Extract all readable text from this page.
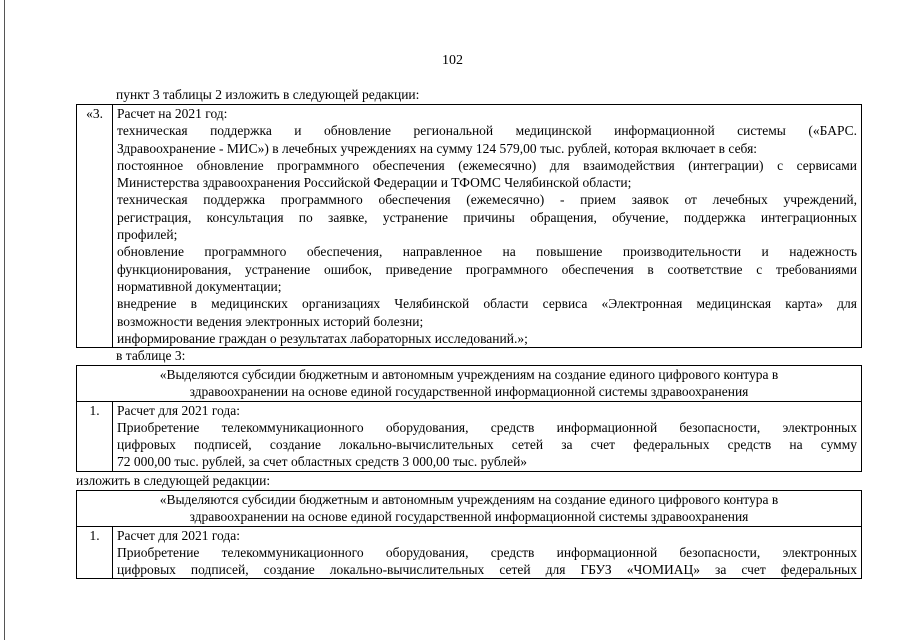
102
пункт 3 таблицы 2 изложить в следующей редакции:
«3.	Расчет на 2021 год:
техническая поддержка и обновление региональной медицинской информационной системы («БАРС.
Здравоохранение - МИС») в лечебных учреждениях на сумму 124 579,00 тыс. рублей, которая включает в себя:
постоянное обновление программного обеспечения (ежемесячно) для взаимодействия (интеграции) с сервисами
Министерства здравоохранения Российской Федерации и ТФОМС Челябинской области;
техническая поддержка программного обеспечения (ежемесячно) - прием заявок от лечебных учреждений,
регистрация, консультация по заявке, устранение причины обращения, обучение, поддержка интеграционных
профилей;
обновление программного обеспечения, направленное на повышение производительности и надежность
функционирования, устранение ошибок, приведение программного обеспечения в соответствие с требованиями
нормативной документации;
внедрение в медицинских организациях Челябинской области сервиса «Электронная медицинская карта» для
возможности ведения электронных историй болезни;
информирование граждан о результатах лабораторных исследований.»;
в таблице 3:
«Выделяются субсидии бюджетным и автономным учреждениям на создание единого цифрового контура в
здравоохранении на основе единой государственной информационной системы здравоохранения

1.	Расчет для 2021 года:
Приобретение телекоммуникационного оборудования, средств информационной безопасности, электронных
цифровых подписей, создание локально-вычислительных сетей за счет федеральных средств на сумму
72 000,00 тыс. рублей, за счет областных средств 3 000,00 тыс. рублей»
изложить в следующей редакции:
«Выделяются субсидии бюджетным и автономным учреждениям на создание единого цифрового контура в
здравоохранении на основе единой государственной информационной системы здравоохранения

1.	Расчет для 2021 года:
Приобретение телекоммуникационного оборудования, средств информационной безопасности, электронных
цифровых подписей, создание локально-вычислительных сетей для ГБУЗ «ЧОМИАЦ» за счет федеральных
